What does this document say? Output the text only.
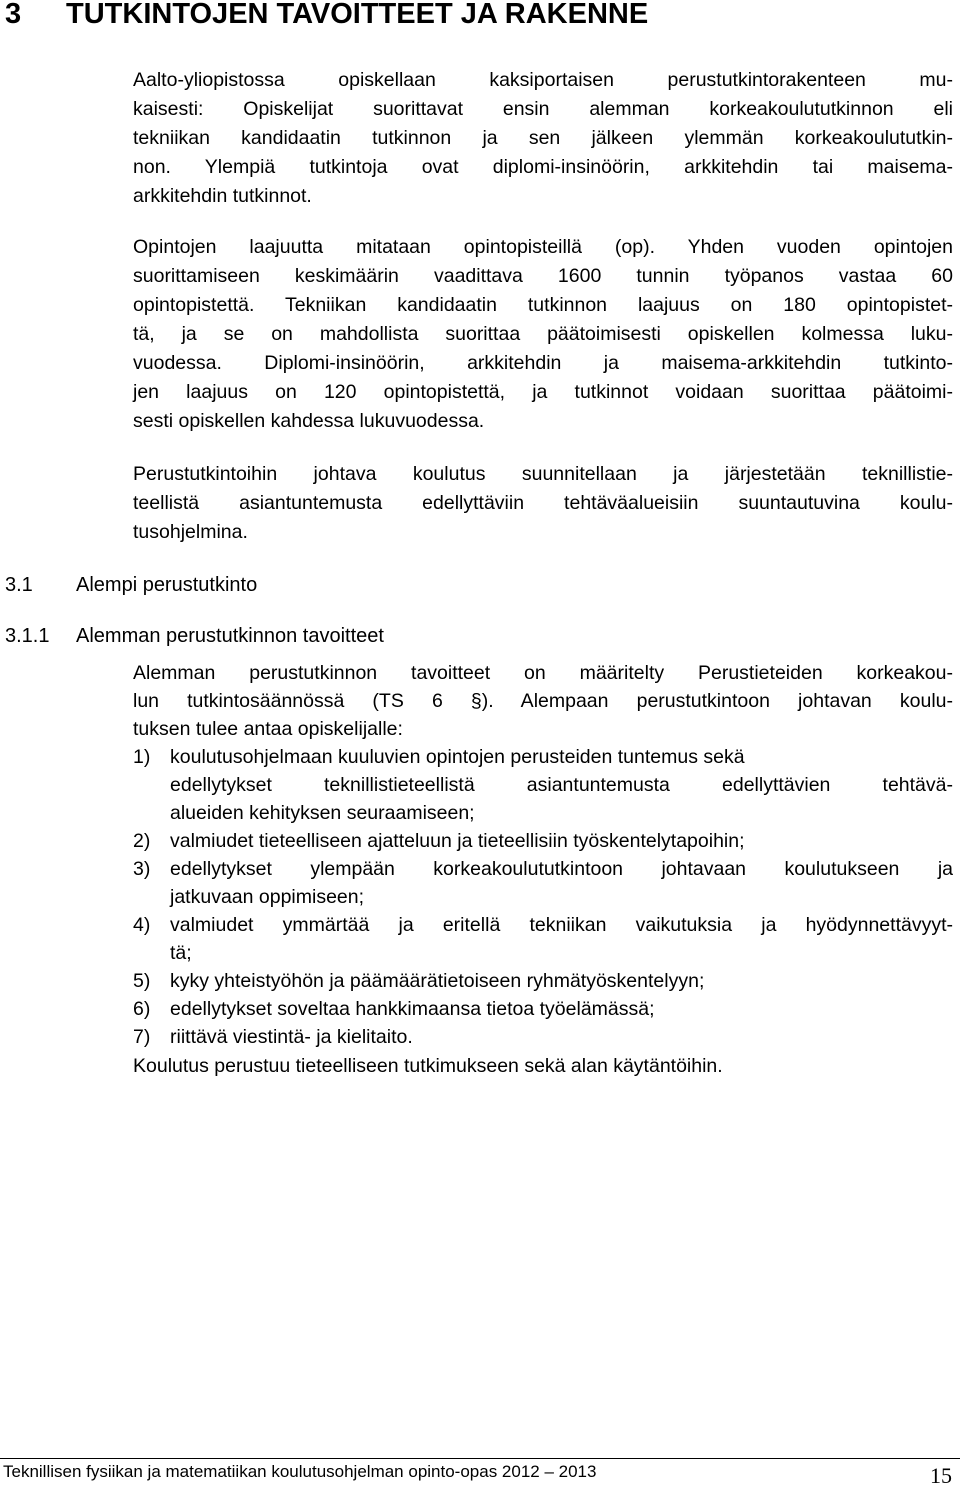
3 TUTKINTOJEN TAVOITTEET JA RAKENNE
Aalto-yliopistossa opiskellaan kaksiportaisen perustutkintorakenteen mu-
kaisesti: Opiskelijat suorittavat ensin alemman korkeakoulututkinnon eli
tekniikan kandidaatin tutkinnon ja sen jälkeen ylemmän korkeakoulututkin-
non. Ylempiä tutkintoja ovat diplomi-insinöörin, arkkitehdin tai maisema-
arkkitehdin tutkinnot.
Opintojen laajuutta mitataan opintopisteillä (op). Yhden vuoden opintojen
suorittamiseen keskimäärin vaadittava 1600 tunnin työpanos vastaa 60
opintopistettä. Tekniikan kandidaatin tutkinnon laajuus on 180 opintopistet-
tä, ja se on mahdollista suorittaa päätoimisesti opiskellen kolmessa luku-
vuodessa. Diplomi-insinöörin, arkkitehdin ja maisema-arkkitehdin tutkinto-
jen laajuus on 120 opintopistettä, ja tutkinnot voidaan suorittaa päätoimi-
sesti opiskellen kahdessa lukuvuodessa.
Perustutkintoihin johtava koulutus suunnitellaan ja järjestetään teknillistie-
teellistä asiantuntemusta edellyttäviin tehtäväalueisiin suuntautuvina koulu-
tusohjelmina.
3.1 Alempi perustutkinto
3.1.1 Alemman perustutkinnon tavoitteet
Alemman perustutkinnon tavoitteet on määritelty Perustieteiden korkeakou-
lun tutkintosäännössä (TS 6 §). Alempaan perustutkintoon johtavan koulu-
tuksen tulee antaa opiskelijalle:
1) koulutusohjelmaan kuuluvien opintojen perusteiden tuntemus sekä
edellytykset teknillistieteellistä asiantuntemusta edellyttävien tehtävä-
alueiden kehityksen seuraamiseen;
2) valmiudet tieteelliseen ajatteluun ja tieteellisiin työskentelytapoihin;
3) edellytykset ylempään korkeakoulututkintoon johtavaan koulutukseen ja
jatkuvaan oppimiseen;
4) valmiudet ymmärtää ja eritellä tekniikan vaikutuksia ja hyödynnettävyyt-
tä;
5) kyky yhteistyöhön ja päämäärätietoiseen ryhmätyöskentelyyn;
6) edellytykset soveltaa hankkimaansa tietoa työelämässä;
7) riittävä viestintä- ja kielitaito.
Koulutus perustuu tieteelliseen tutkimukseen sekä alan käytäntöihin.
Teknillisen fysiikan ja matematiikan koulutusohjelman opinto-opas 2012 – 2013	15
